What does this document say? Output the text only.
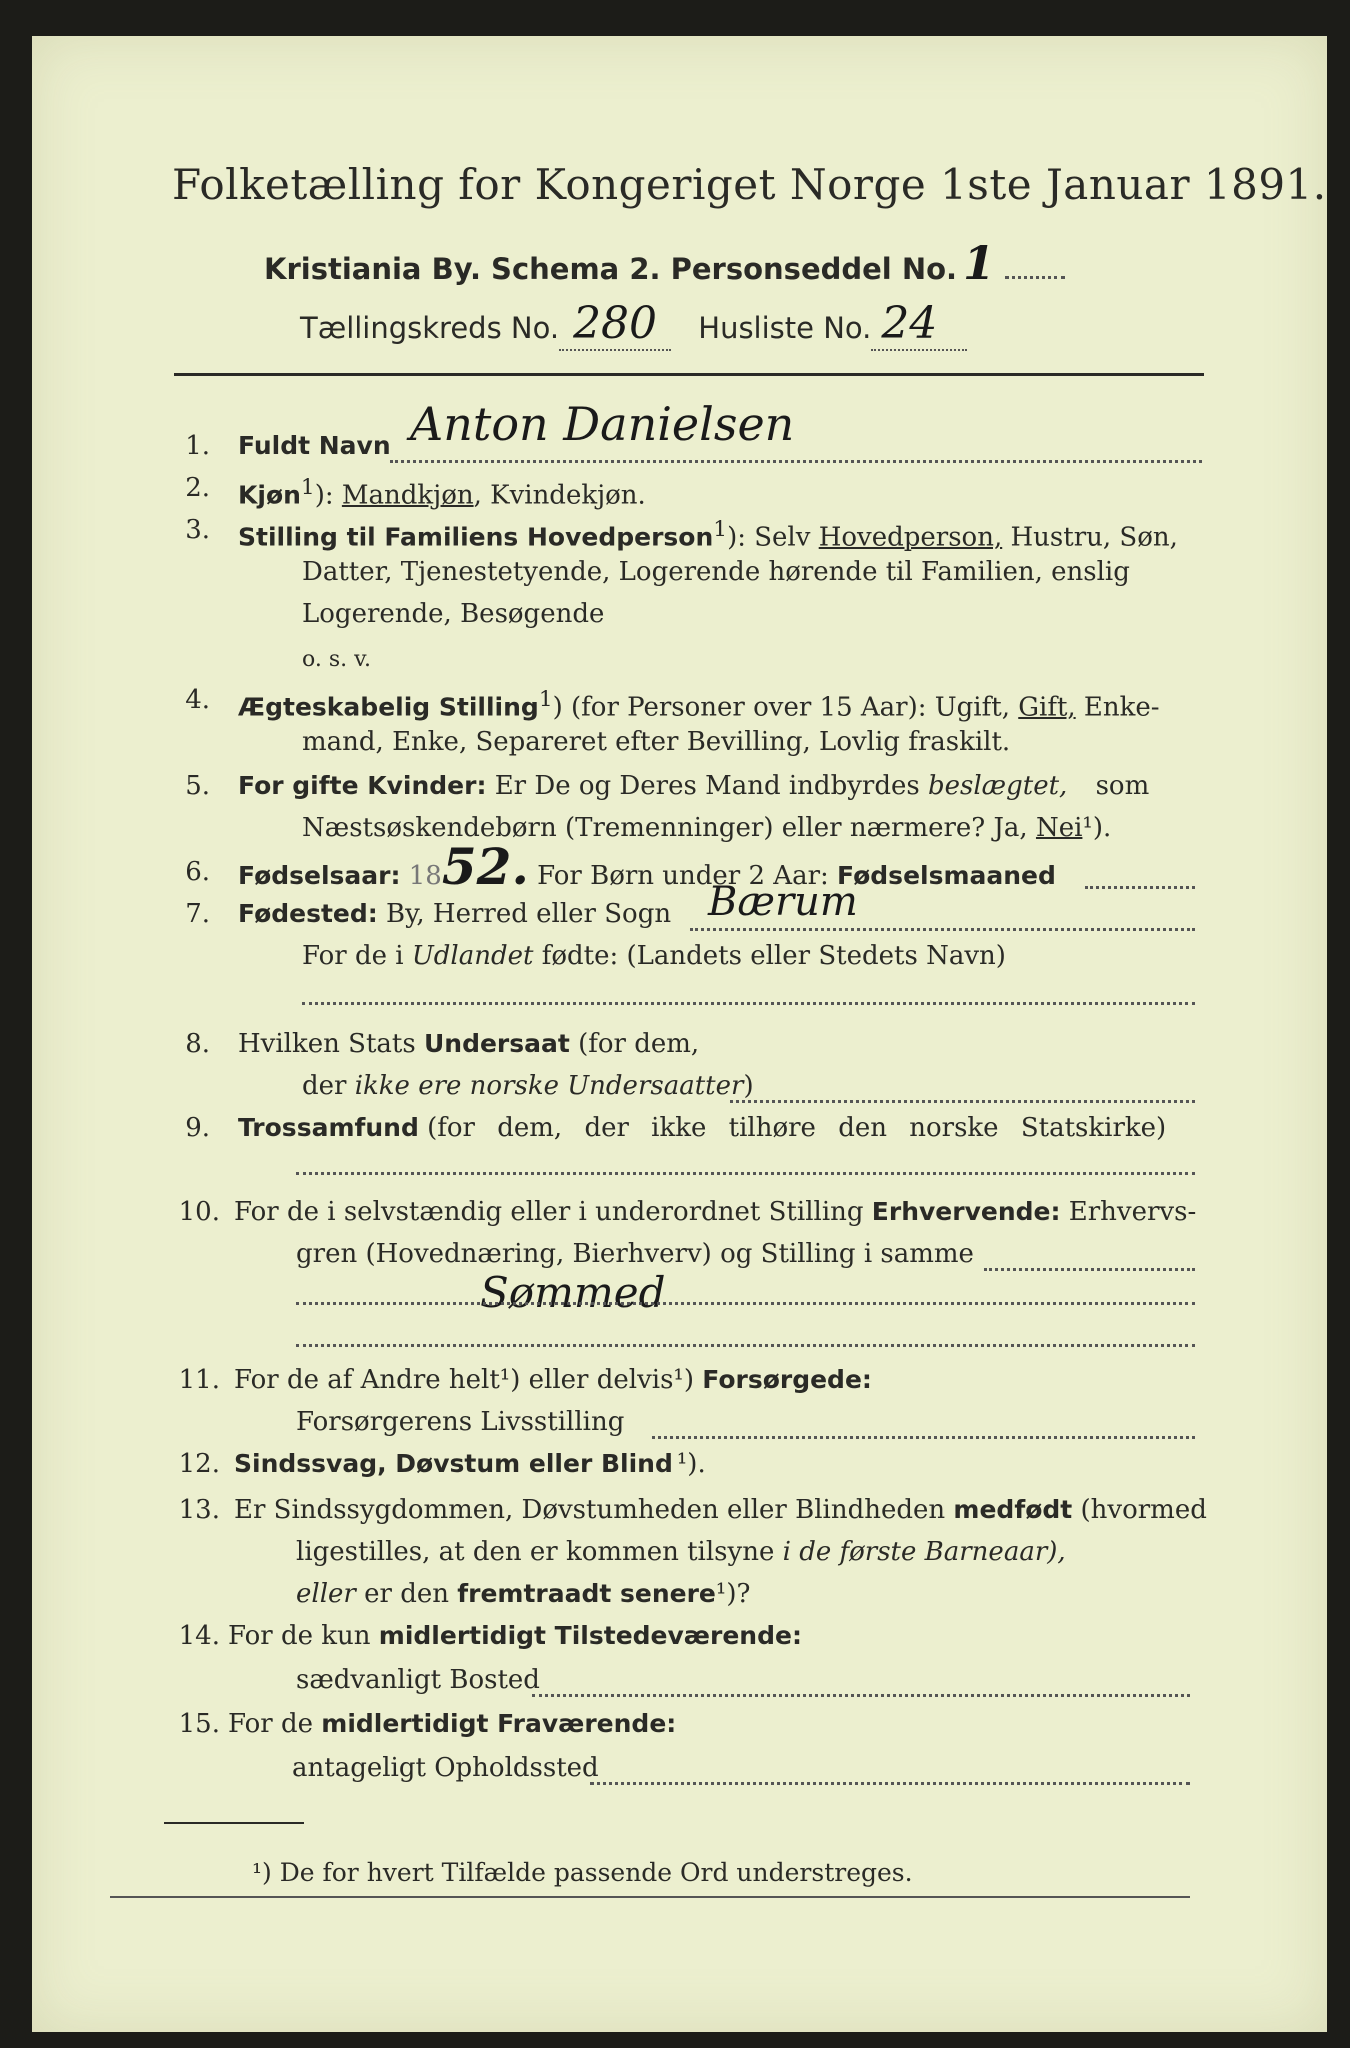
Folketælling for Kongeriget Norge 1ste Januar 1891.
Kristiania By. Schema 2. Personseddel No. 1
Tællingskreds No. 280 Husliste No. 24
1. Fuldt Navn Anton Danielsen
2. Kjøn$^1$): Mandkjøn, Kvindekjøn.
3. Stilling til Familiens Hovedperson$^1$): Selv Hovedperson, Hustru, Søn,
Datter, Tjenestetyende, Logerende hørende til Familien, enslig
Logerende, Besøgende
o. s. v.
4. Ægteskabelig Stilling$^1$) (for Personer over 15 Aar): Ugift, Gift, Enke-
mand, Enke, Separeret efter Bevilling, Lovlig fraskilt.
5. For gifte Kvinder: Er De og Deres Mand indbyrdes beslægtet, som
Næstsøskendebørn (Tremenninger) eller nærmere? Ja, Nei¹).
6. Fødselsaar: 1852. For Børn under 2 Aar: Fødselsmaaned
7. Fødested: By, Herred eller Sogn Bærum
For de i Udlandet fødte: (Landets eller Stedets Navn)
8. Hvilken Stats Undersaat (for dem,
der ikke ere norske Undersaatter)
9. Trossamfund (for dem, der ikke tilhøre den norske Statskirke)
10. For de i selvstændig eller i underordnet Stilling Erhvervende: Erhvervs-
gren (Hovednæring, Bierhverv) og Stilling i samme
Sømmed
11. For de af Andre helt¹) eller delvis¹) Forsørgede:
Forsørgerens Livsstilling
12. Sindssvag, Døvstum eller Blind ¹).
13. Er Sindssygdommen, Døvstumheden eller Blindheden medfødt (hvormed
ligestilles, at den er kommen tilsyne i de første Barneaar),
eller er den fremtraadt senere¹)?
14. For de kun midlertidigt Tilstedeværende:
sædvanligt Bosted
15. For de midlertidigt Fraværende:
antageligt Opholdssted
¹) De for hvert Tilfælde passende Ord understreges.
